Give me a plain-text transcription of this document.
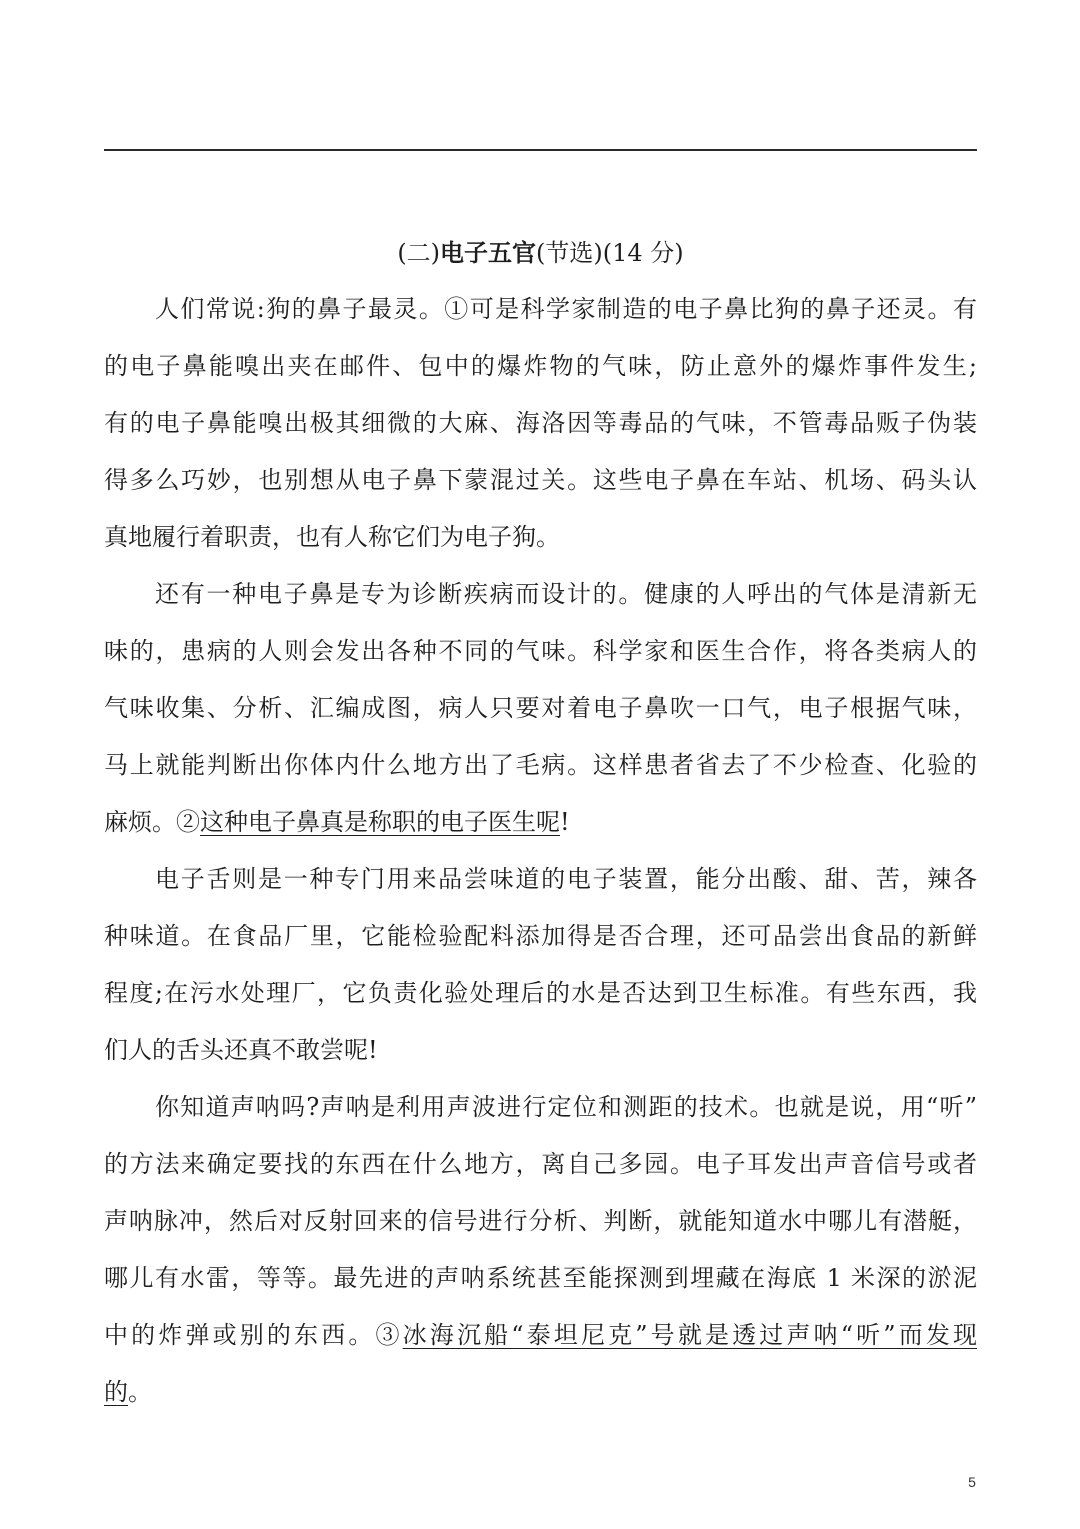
(二)电子五官(节选)(14 分)
人们常说:狗的鼻子最灵。①可是科学家制造的电子鼻比狗的鼻子还灵。有
的电子鼻能嗅出夹在邮件、包中的爆炸物的气味，防止意外的爆炸事件发生;
有的电子鼻能嗅出极其细微的大麻、海洛因等毒品的气味，不管毒品贩子伪装
得多么巧妙，也别想从电子鼻下蒙混过关。这些电子鼻在车站、机场、码头认
真地履行着职责，也有人称它们为电子狗。
还有一种电子鼻是专为诊断疾病而设计的。健康的人呼出的气体是清新无
味的，患病的人则会发出各种不同的气味。科学家和医生合作，将各类病人的
气味收集、分析、汇编成图，病人只要对着电子鼻吹一口气，电子根据气味，
马上就能判断出你体内什么地方出了毛病。这样患者省去了不少检查、化验的
麻烦。②这种电子鼻真是称职的电子医生呢!
电子舌则是一种专门用来品尝味道的电子装置，能分出酸、甜、苦，辣各
种味道。在食品厂里，它能检验配料添加得是否合理，还可品尝出食品的新鲜
程度;在污水处理厂，它负责化验处理后的水是否达到卫生标准。有些东西，我
们人的舌头还真不敢尝呢!
你知道声呐吗?声呐是利用声波进行定位和测距的技术。也就是说，用“听”
的方法来确定要找的东西在什么地方，离自己多园。电子耳发出声音信号或者
声呐脉冲，然后对反射回来的信号进行分析、判断，就能知道水中哪儿有潜艇，
哪儿有水雷，等等。最先进的声呐系统甚至能探测到埋藏在海底 1 米深的淤泥
中的炸弹或别的东西。③冰海沉船“泰坦尼克”号就是透过声呐“听”而发现
的。
5
